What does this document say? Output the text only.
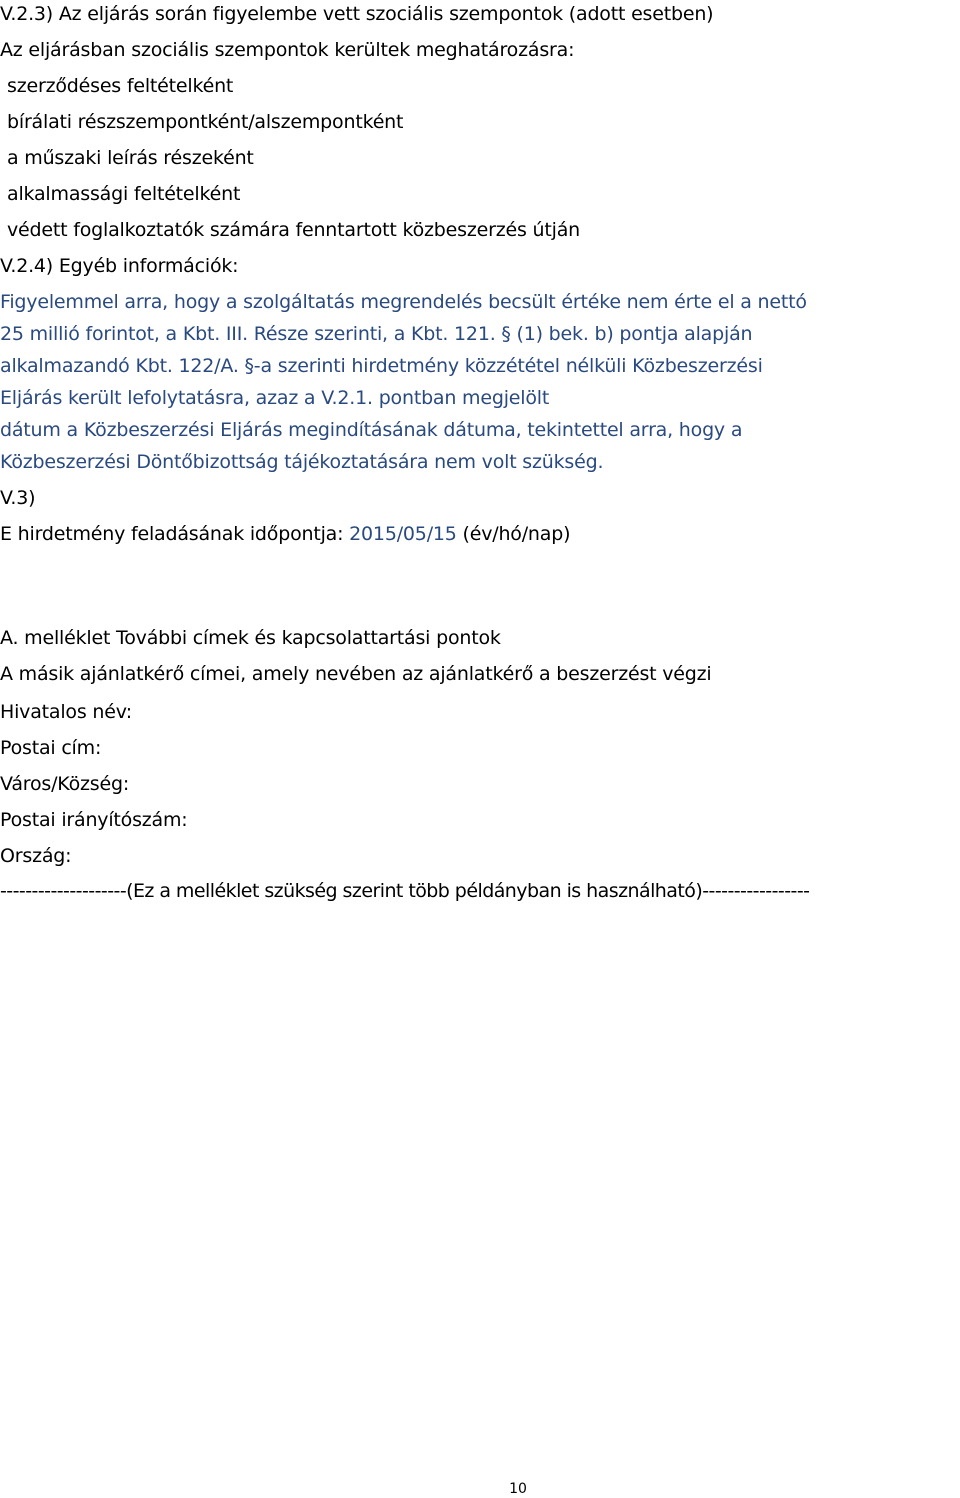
V.2.3) Az eljárás során figyelembe vett szociális szempontok (adott esetben)
Az eljárásban szociális szempontok kerültek meghatározásra:
szerződéses feltételként
bírálati részszempontként/alszempontként
a műszaki leírás részeként
alkalmassági feltételként
védett foglalkoztatók számára fenntartott közbeszerzés útján
V.2.4) Egyéb információk:
Figyelemmel arra, hogy a szolgáltatás megrendelés becsült értéke nem érte el a nettó
25 millió forintot, a Kbt. III. Része szerinti, a Kbt. 121. § (1) bek. b) pontja alapján
alkalmazandó Kbt. 122/A. §-a szerinti hirdetmény közzététel nélküli Közbeszerzési
Eljárás került lefolytatásra, azaz a V.2.1. pontban megjelölt
dátum a Közbeszerzési Eljárás megindításának dátuma, tekintettel arra, hogy a
Közbeszerzési Döntőbizottság tájékoztatására nem volt szükség.
V.3)
E hirdetmény feladásának időpontja: 2015/05/15 (év/hó/nap)
A. melléklet További címek és kapcsolattartási pontok
A másik ajánlatkérő címei, amely nevében az ajánlatkérő a beszerzést végzi
Hivatalos név:
Postai cím:
Város/Község:
Postai irányítószám:
Ország:
--------------------(Ez a melléklet szükség szerint több példányban is használható)-----------------
10
